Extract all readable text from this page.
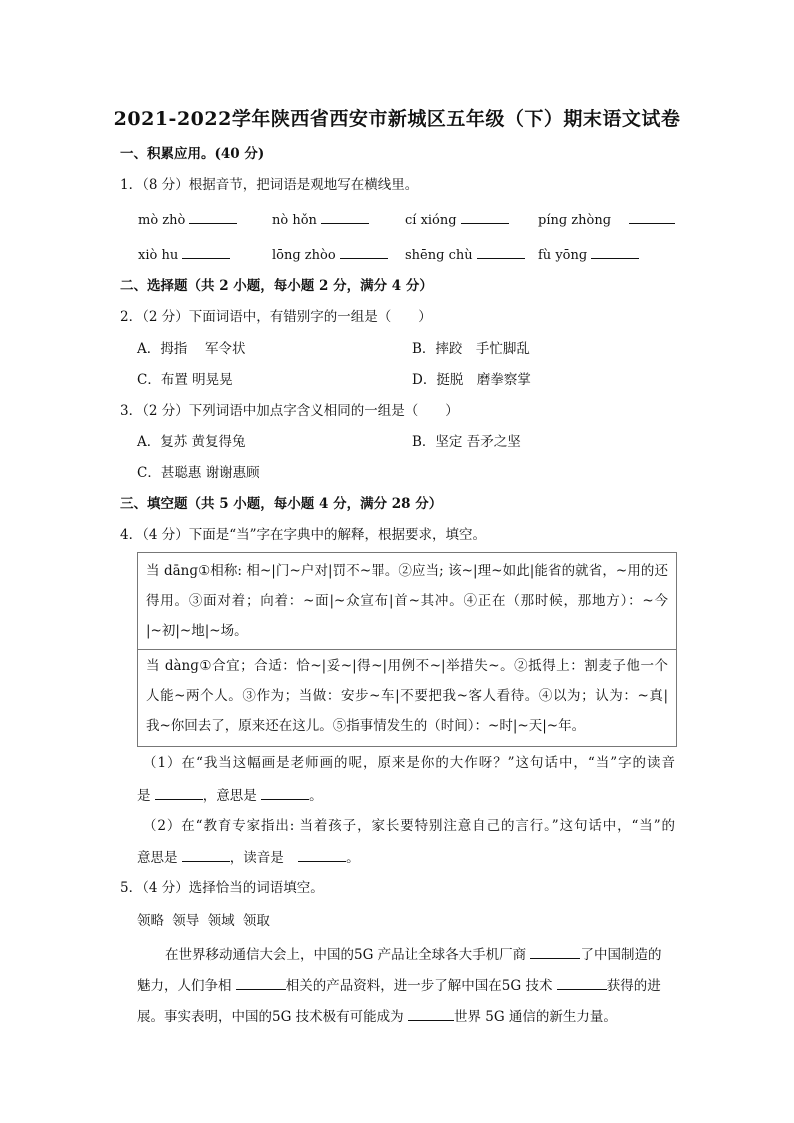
2021-2022学年陕西省西安市新城区五年级（下）期末语文试卷
一、积累应用。(40 分)
1．（8 分）根据音节，把词语是观地写在横线里。
mò zhò	nò hǒn	cí xióng	pínɡ zhònɡ
xiò hu	lōnɡ zhòo	shēnɡ chù	fù yōnɡ
二、选择题（共 2 小题，每小题 2 分，满分 4 分）
2．（2 分）下面词语中，有错别字的一组是（　　）
A．拇指　 军令状	B．摔跤　手忙脚乱
C．布置 明晃晃	D．挺脱　磨拳察掌
3．（2 分）下列词语中加点字含义相同的一组是（　　）
A．复苏 黄复得兔	B．坚定 吾矛之坚
C．甚聪惠 谢谢惠顾
三、填空题（共 5 小题，每小题 4 分，满分 28 分）
4．（4 分）下面是“当”字在字典中的解释，根据要求，填空。
当 dānɡ①相称: 相~|门~户对|罚不~罪。②应当; 该~|理~如此|能省的就省，~用的还
得用。③面对着；向着：~面|~众宣布|首~其冲。④正在（那时候，那地方）：~今
|~初|~地|~场。
当 dànɡ①合宜；合适：恰~|妥~|得~|用例不~|举措失~。②抵得上：割麦子他一个
人能~两个人。③作为；当做：安步~车|不要把我~客人看待。④以为；认为：~真|
我~你回去了，原来还在这儿。⑤指事情发生的（时间）：~时|~天|~年。
（1）在“我当这幅画是老师画的呢，原来是你的大作呀？”这句话中，“当”字的读音
是	，意思是	。
（2）在“教育专家指出: 当着孩子，家长要特别注意自己的言行。”这句话中，“当”的
意思是	，读音是	。
5．（4 分）选择恰当的词语填空。
领略 领导 领域 领取
在世界移动通信大会上，中国的5G 产品让全球各大手机厂商	了中国制造的
魅力，人们争相	相关的产品资料，进一步了解中国在5G 技术	获得的进
展。事实表明，中国的5G 技术极有可能成为	世界 5G 通信的新生力量。
